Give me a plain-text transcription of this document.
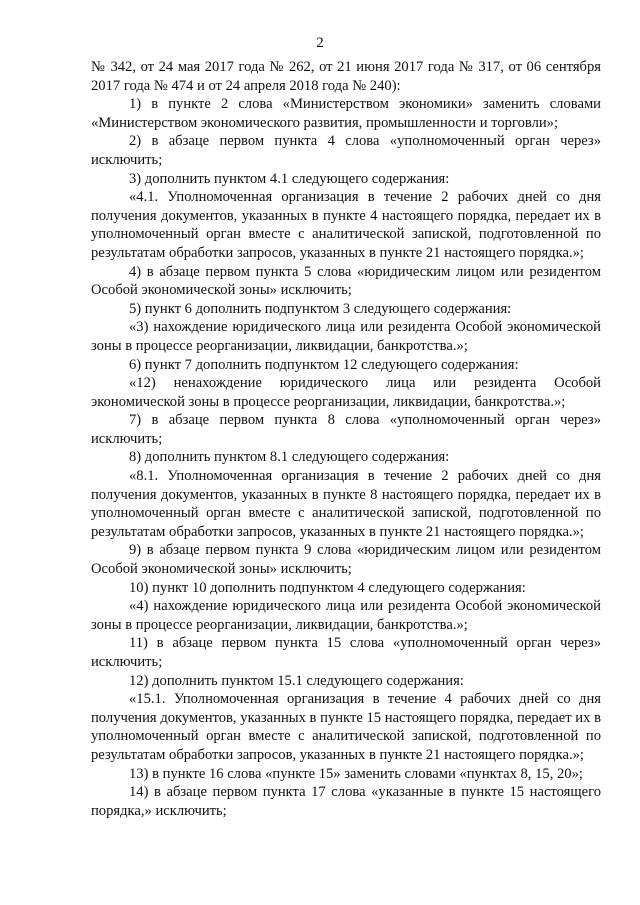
2

№ 342, от 24 мая 2017 года № 262, от 21 июня 2017 года № 317, от 06 сентября 2017 года № 474 и от 24 апреля 2018 года № 240):

1) в пункте 2 слова «Министерством экономики» заменить словами «Министерством экономического развития, промышленности и торговли»;

2) в абзаце первом пункта 4 слова «уполномоченный орган через» исключить;

3) дополнить пунктом 4.1 следующего содержания:

«4.1. Уполномоченная организация в течение 2 рабочих дней со дня получения документов, указанных в пункте 4 настоящего порядка, передает их в уполномоченный орган вместе с аналитической запиской, подготовленной по результатам обработки запросов, указанных в пункте 21 настоящего порядка.»;

4) в абзаце первом пункта 5 слова «юридическим лицом или резидентом Особой экономической зоны» исключить;

5) пункт 6 дополнить подпунктом 3 следующего содержания:

«3) нахождение юридического лица или резидента Особой экономической зоны в процессе реорганизации, ликвидации, банкротства.»;

6) пункт 7 дополнить подпунктом 12 следующего содержания:

«12) ненахождение юридического лица или резидента Особой экономической зоны в процессе реорганизации, ликвидации, банкротства.»;

7) в абзаце первом пункта 8 слова «уполномоченный орган через» исключить;

8) дополнить пунктом 8.1 следующего содержания:

«8.1. Уполномоченная организация в течение 2 рабочих дней со дня получения документов, указанных в пункте 8 настоящего порядка, передает их в уполномоченный орган вместе с аналитической запиской, подготовленной по результатам обработки запросов, указанных в пункте 21 настоящего порядка.»;

9) в абзаце первом пункта 9 слова «юридическим лицом или резидентом Особой экономической зоны» исключить;

10) пункт 10 дополнить подпунктом 4 следующего содержания:

«4) нахождение юридического лица или резидента Особой экономической зоны в процессе реорганизации, ликвидации, банкротства.»;

11) в абзаце первом пункта 15 слова «уполномоченный орган через» исключить;

12) дополнить пунктом 15.1 следующего содержания:

«15.1. Уполномоченная организация в течение 4 рабочих дней со дня получения документов, указанных в пункте 15 настоящего порядка, передает их в уполномоченный орган вместе с аналитической запиской, подготовленной по результатам обработки запросов, указанных в пункте 21 настоящего порядка.»;

13) в пункте 16 слова «пункте 15» заменить словами «пунктах 8, 15, 20»;

14) в абзаце первом пункта 17 слова «указанные в пункте 15 настоящего порядка,» исключить;
